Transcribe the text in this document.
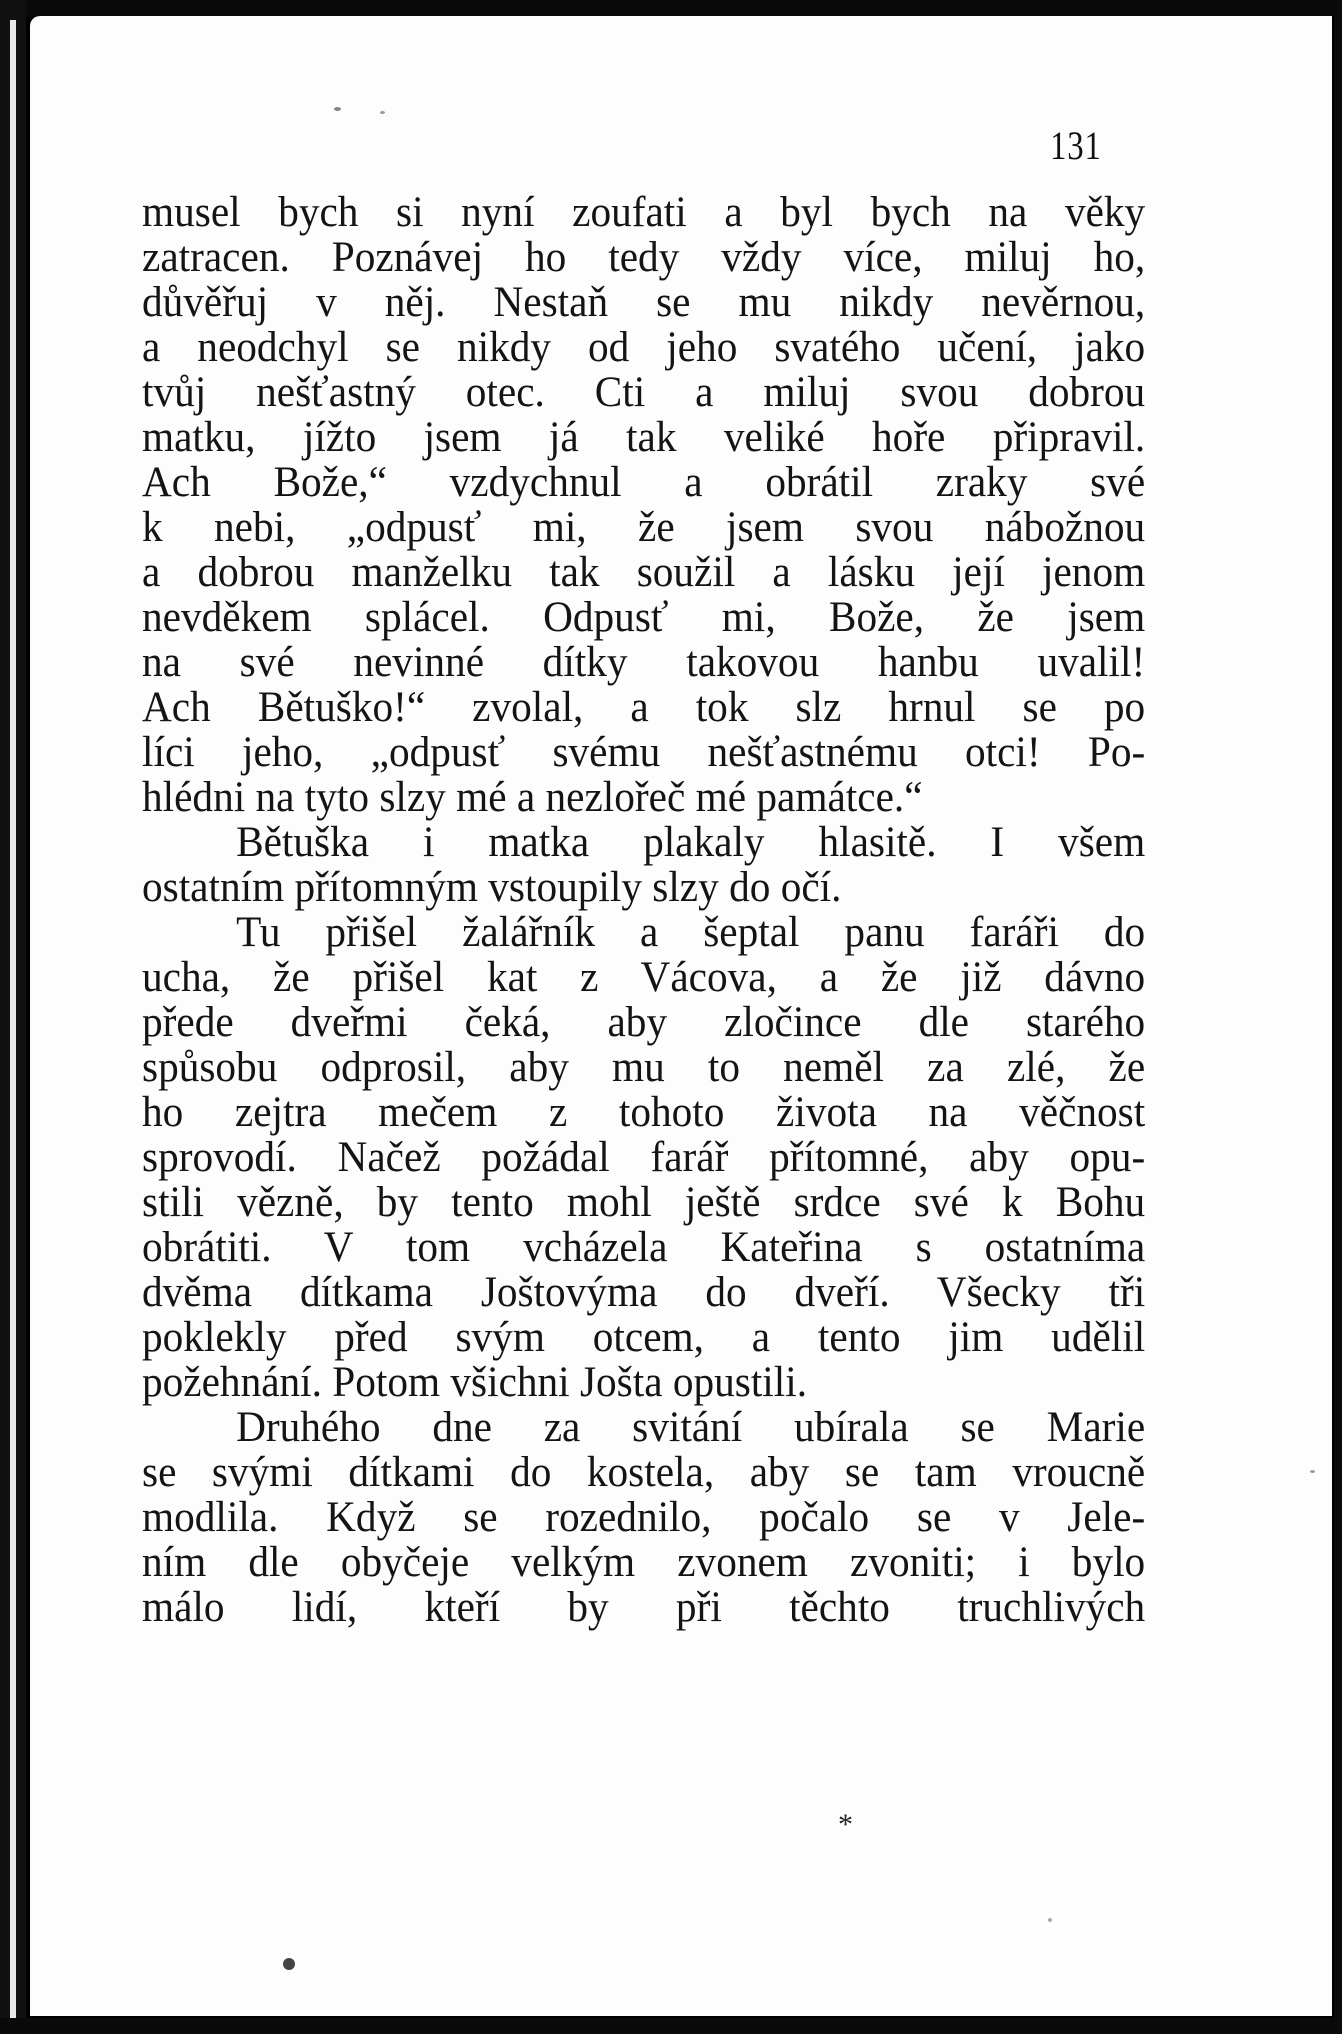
131
musel bych si nyní zoufati a byl bych na věky
zatracen. Poznávej ho tedy vždy více, miluj ho,
důvěřuj v něj. Nestaň se mu nikdy nevěrnou,
a neodchyl se nikdy od jeho svatého učení, jako
tvůj nešťastný otec. Cti a miluj svou dobrou
matku, jížto jsem já tak veliké hoře připravil.
Ach Bože,“ vzdychnul a obrátil zraky své
k nebi, „odpusť mi, že jsem svou nábožnou
a dobrou manželku tak soužil a lásku její jenom
nevděkem splácel. Odpusť mi, Bože, že jsem
na své nevinné dítky takovou hanbu uvalil!
Ach Bětuško!“ zvolal, a tok slz hrnul se po
líci jeho, „odpusť svému nešťastnému otci! Po-
hlédni na tyto slzy mé a nezlořeč mé památce.“
Bětuška i matka plakaly hlasitě. I všem
ostatním přítomným vstoupily slzy do očí.
Tu přišel žalářník a šeptal panu faráři do
ucha, že přišel kat z Vácova, a že již dávno
přede dveřmi čeká, aby zločince dle starého
spůsobu odprosil, aby mu to neměl za zlé, že
ho zejtra mečem z tohoto života na věčnost
sprovodí. Načež požádal farář přítomné, aby opu-
stili vězně, by tento mohl ještě srdce své k Bohu
obrátiti. V tom vcházela Kateřina s ostatníma
dvěma dítkama Joštovýma do dveří. Všecky tři
poklekly před svým otcem, a tento jim udělil
požehnání. Potom všichni Jošta opustili.
Druhého dne za svitání ubírala se Marie
se svými dítkami do kostela, aby se tam vroucně
modlila. Když se rozednilo, počalo se v Jele-
ním dle obyčeje velkým zvonem zvoniti; i bylo
málo lidí, kteří by při těchto truchlivých
*
